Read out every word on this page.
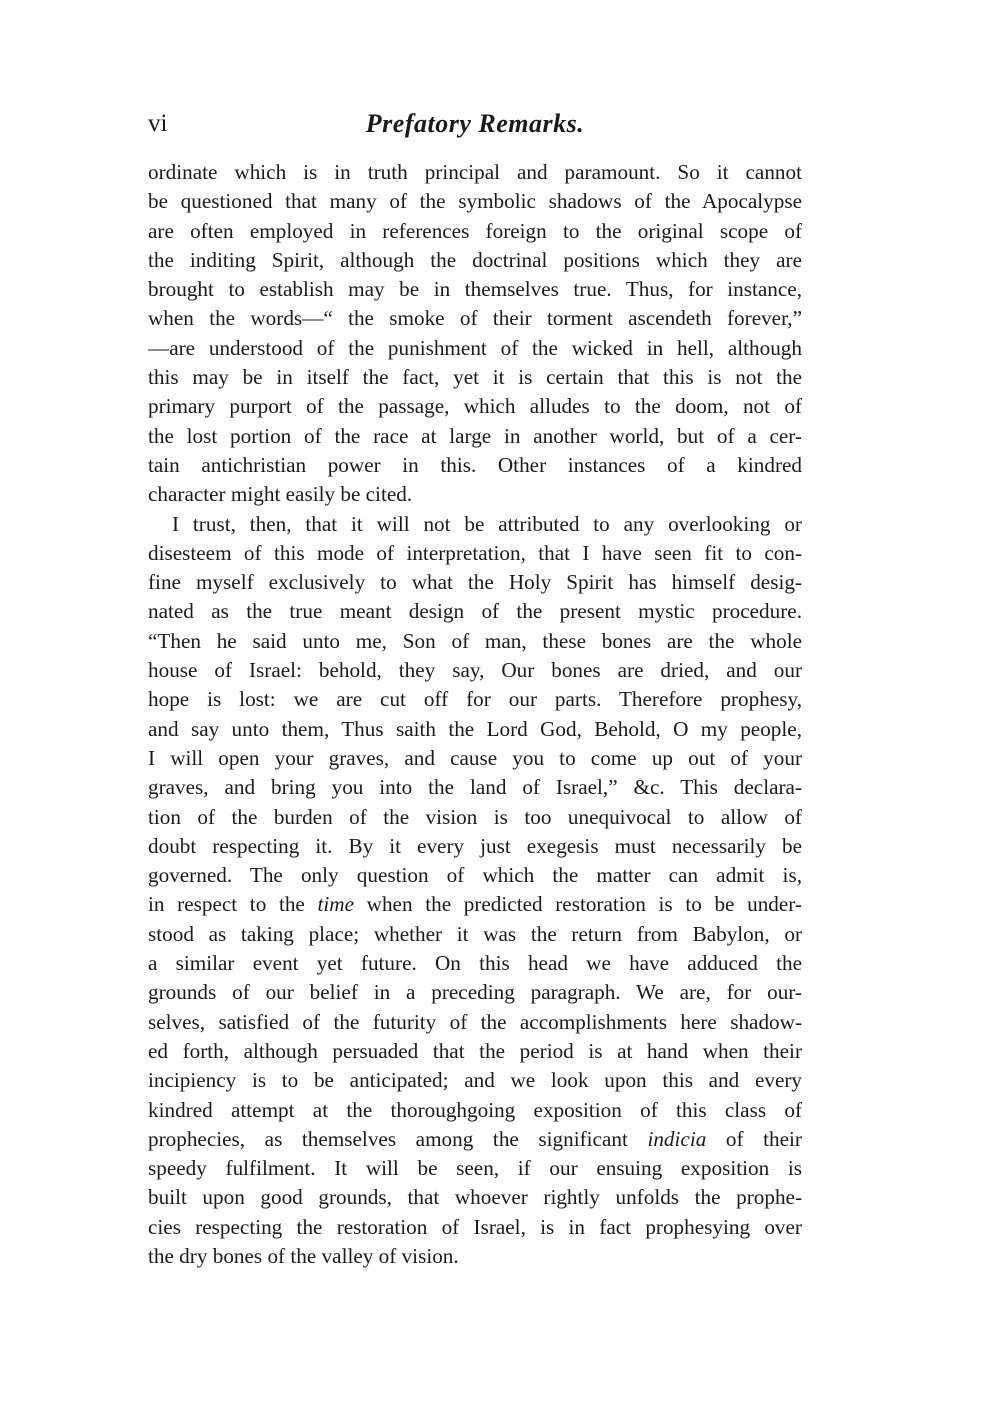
vi	Prefatory Remarks.
ordinate which is in truth principal and paramount. So it cannot
be questioned that many of the symbolic shadows of the Apocalypse
are often employed in references foreign to the original scope of
the inditing Spirit, although the doctrinal positions which they are
brought to establish may be in themselves true. Thus, for instance,
when the words—“ the smoke of their torment ascendeth forever,”
—are understood of the punishment of the wicked in hell, although
this may be in itself the fact, yet it is certain that this is not the
primary purport of the passage, which alludes to the doom, not of
the lost portion of the race at large in another world, but of a cer-
tain antichristian power in this. Other instances of a kindred
character might easily be cited.
I trust, then, that it will not be attributed to any overlooking or
disesteem of this mode of interpretation, that I have seen fit to con-
fine myself exclusively to what the Holy Spirit has himself desig-
nated as the true meant design of the present mystic procedure.
“Then he said unto me, Son of man, these bones are the whole
house of Israel: behold, they say, Our bones are dried, and our
hope is lost: we are cut off for our parts. Therefore prophesy,
and say unto them, Thus saith the Lord God, Behold, O my people,
I will open your graves, and cause you to come up out of your
graves, and bring you into the land of Israel,” &c. This declara-
tion of the burden of the vision is too unequivocal to allow of
doubt respecting it. By it every just exegesis must necessarily be
governed. The only question of which the matter can admit is,
in respect to the time when the predicted restoration is to be under-
stood as taking place; whether it was the return from Babylon, or
a similar event yet future. On this head we have adduced the
grounds of our belief in a preceding paragraph. We are, for our-
selves, satisfied of the futurity of the accomplishments here shadow-
ed forth, although persuaded that the period is at hand when their
incipiency is to be anticipated; and we look upon this and every
kindred attempt at the thoroughgoing exposition of this class of
prophecies, as themselves among the significant indicia of their
speedy fulfilment. It will be seen, if our ensuing exposition is
built upon good grounds, that whoever rightly unfolds the prophe-
cies respecting the restoration of Israel, is in fact prophesying over
the dry bones of the valley of vision.
